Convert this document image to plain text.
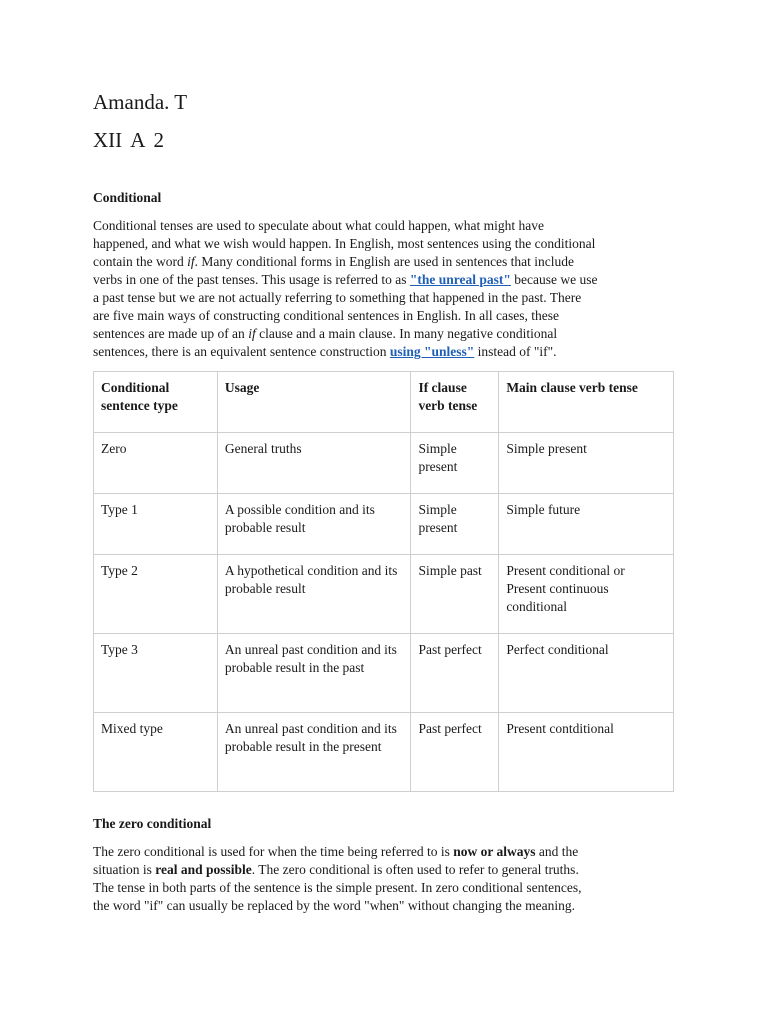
Amanda. T
XII A 2
Conditional
Conditional tenses are used to speculate about what could happen, what might have
happened, and what we wish would happen. In English, most sentences using the conditional
contain the word if. Many conditional forms in English are used in sentences that include
verbs in one of the past tenses. This usage is referred to as "the unreal past" because we use
a past tense but we are not actually referring to something that happened in the past. There
are five main ways of constructing conditional sentences in English. In all cases, these
sentences are made up of an if clause and a main clause. In many negative conditional
sentences, there is an equivalent sentence construction using "unless" instead of "if".
Conditional sentence type	Usage	If clause verb tense	Main clause verb tense
Zero	General truths	Simple present	Simple present
Type 1	A possible condition and its probable result	Simple present	Simple future
Type 2	A hypothetical condition and its probable result	Simple past	Present conditional or Present continuous conditional
Type 3	An unreal past condition and its probable result in the past	Past perfect	Perfect conditional
Mixed type	An unreal past condition and its probable result in the present	Past perfect	Present contditional
The zero conditional
The zero conditional is used for when the time being referred to is now or always and the
situation is real and possible. The zero conditional is often used to refer to general truths.
The tense in both parts of the sentence is the simple present. In zero conditional sentences,
the word "if" can usually be replaced by the word "when" without changing the meaning.
